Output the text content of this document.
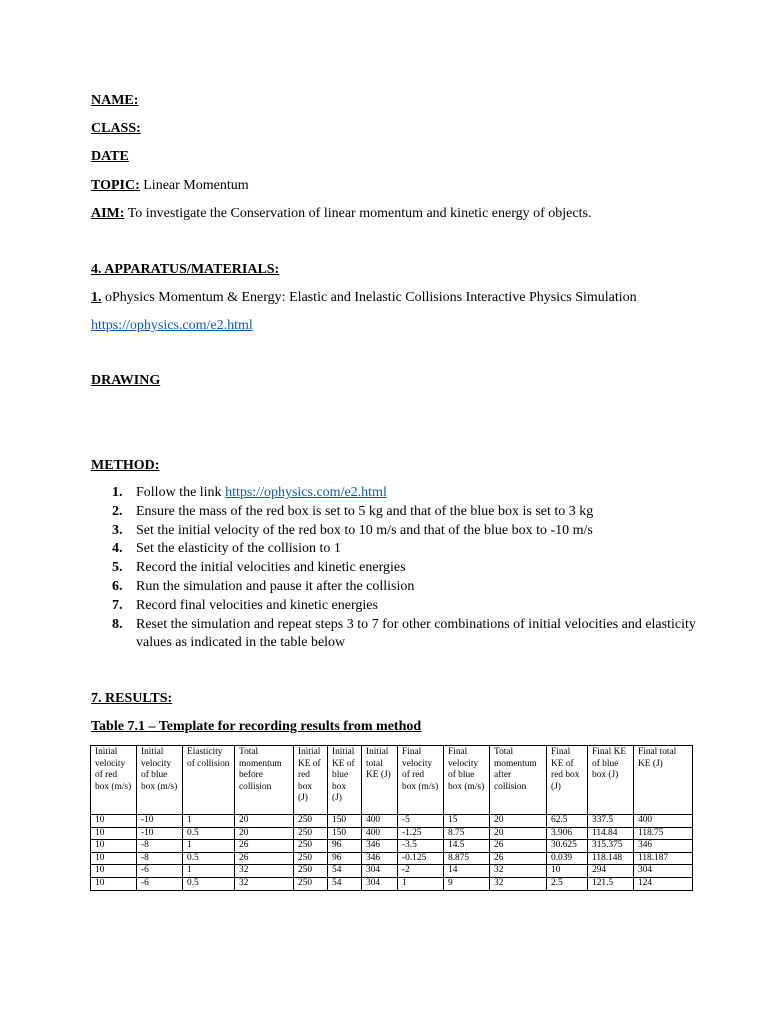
NAME:
CLASS:
DATE
TOPIC: Linear Momentum
AIM: To investigate the Conservation of linear momentum and kinetic energy of objects.
4. APPARATUS/MATERIALS:
1. oPhysics Momentum & Energy: Elastic and Inelastic Collisions Interactive Physics Simulation
https://ophysics.com/e2.html
DRAWING
METHOD:
1. Follow the link https://ophysics.com/e2.html
2. Ensure the mass of the red box is set to 5 kg and that of the blue box is set to 3 kg
3. Set the initial velocity of the red box to 10 m/s and that of the blue box to -10 m/s
4. Set the elasticity of the collision to 1
5. Record the initial velocities and kinetic energies
6. Run the simulation and pause it after the collision
7. Record final velocities and kinetic energies
8. Reset the simulation and repeat steps 3 to 7 for other combinations of initial velocities and elasticity values as indicated in the table below
7. RESULTS:
Table 7.1 – Template for recording results from method
Initial velocity of red box (m/s)	Initial velocity of blue box (m/s)	Elasticity of collision	Total momentum before collision	Initial KE of red box (J)	Initial KE of blue box (J)	Initial total KE (J)	Final velocity of red box (m/s)	Final velocity of blue box (m/s)	Total momentum after collision	Final KE of red box (J)	Final KE of blue box (J)	Final total KE (J)
10	-10	1	20	250	150	400	-5	15	20	62.5	337.5	400
10	-10	0.5	20	250	150	400	-1.25	8.75	20	3.906	114.84	118.75
10	-8	1	26	250	96	346	-3.5	14.5	26	30.625	315.375	346
10	-8	0.5	26	250	96	346	-0.125	8.875	26	0.039	118.148	118.187
10	-6	1	32	250	54	304	-2	14	32	10	294	304
10	-6	0.5	32	250	54	304	1	9	32	2.5	121.5	124
